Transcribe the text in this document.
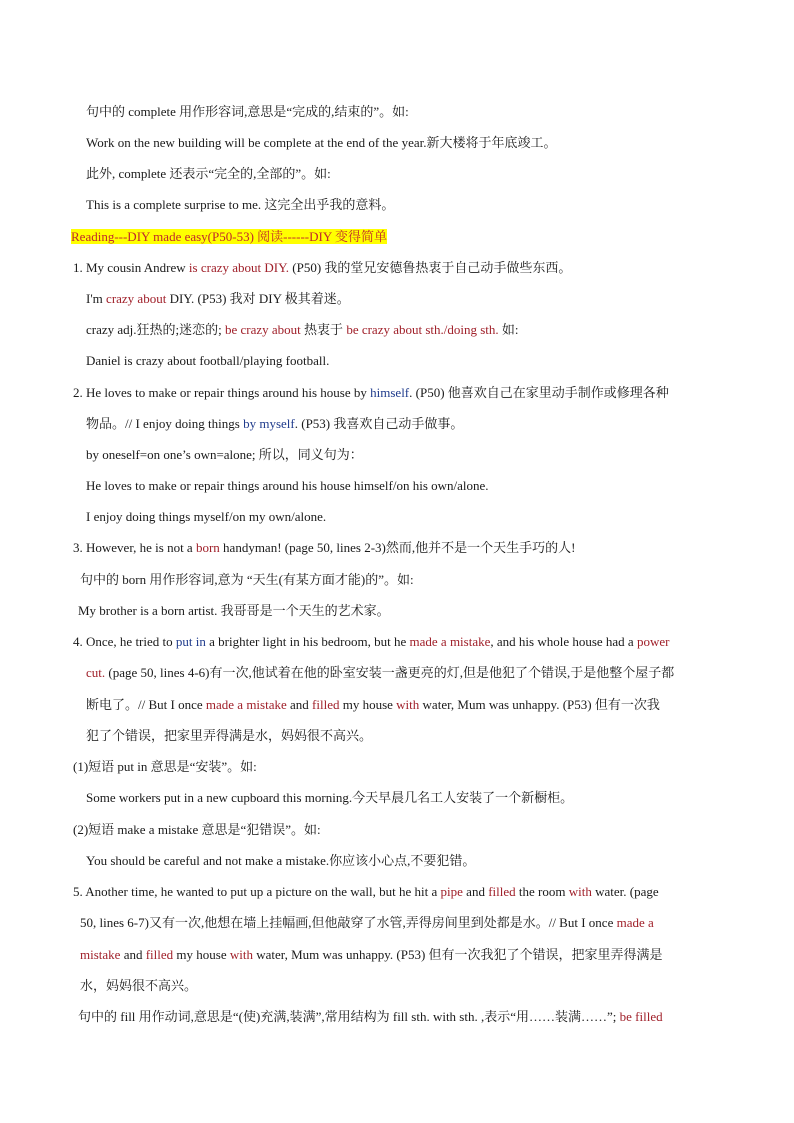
句中的 complete 用作形容词,意思是“完成的,结束的”。如:
Work on the new building will be complete at the end of the year.新大楼将于年底竣工。
此外, complete 还表示“完全的,全部的”。如:
This is a complete surprise to me. 这完全出乎我的意料。
Reading---DIY made easy(P50-53) 阅读------DIY 变得简单
1. My cousin Andrew is crazy about DIY. (P50) 我的堂兄安德鲁热衷于自己动手做些东西。
I'm crazy about DIY. (P53) 我对 DIY 极其着迷。
crazy adj.狂热的;迷恋的; be crazy about 热衷于 be crazy about sth./doing sth. 如:
Daniel is crazy about football/playing football.
2. He loves to make or repair things around his house by himself. (P50) 他喜欢自己在家里动手制作或修理各种
物品。// I enjoy doing things by myself. (P53) 我喜欢自己动手做事。
by oneself=on one’s own=alone; 所以，同义句为：
He loves to make or repair things around his house himself/on his own/alone.
I enjoy doing things myself/on my own/alone.
3. However, he is not a born handyman! (page 50, lines 2-3)然而,他并不是一个天生手巧的人!
句中的 born 用作形容词,意为 “天生(有某方面才能)的”。如:
My brother is a born artist. 我哥哥是一个天生的艺术家。
4. Once, he tried to put in a brighter light in his bedroom, but he made a mistake, and his whole house had a power
cut. (page 50, lines 4-6)有一次,他试着在他的卧室安装一盏更亮的灯,但是他犯了个错误,于是他整个屋子都
断电了。// But I once made a mistake and filled my house with water, Mum was unhappy. (P53) 但有一次我
犯了个错误，把家里弄得满是水，妈妈很不高兴。
(1)短语 put in 意思是“安装”。如:
Some workers put in a new cupboard this morning.今天早晨几名工人安装了一个新橱柜。
(2)短语 make a mistake 意思是“犯错误”。如:
You should be careful and not make a mistake.你应该小心点,不要犯错。
5. Another time, he wanted to put up a picture on the wall, but he hit a pipe and filled the room with water. (page
50, lines 6-7)又有一次,他想在墙上挂幅画,但他敲穿了水管,弄得房间里到处都是水。// But I once made a
mistake and filled my house with water, Mum was unhappy. (P53) 但有一次我犯了个错误，把家里弄得满是
水，妈妈很不高兴。
句中的 fill 用作动词,意思是“(使)充满,装满”,常用结构为 fill sth. with sth. ,表示“用……装满……”; be filled
